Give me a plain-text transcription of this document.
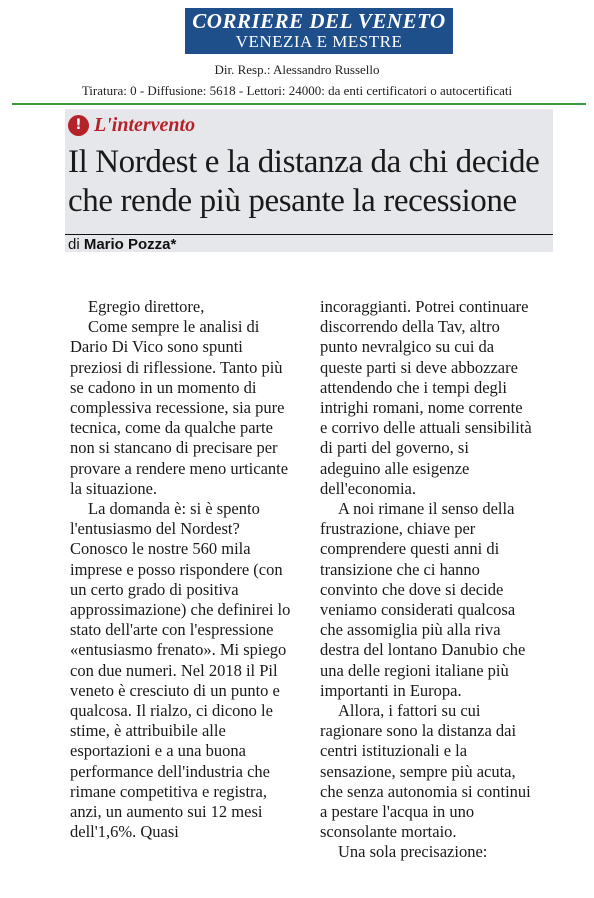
CORRIERE DEL VENETO
VENEZIA E MESTRE
Dir. Resp.: Alessandro Russello
Tiratura: 0 - Diffusione: 5618 - Lettori: 24000: da enti certificatori o autocertificati
! L'intervento
Il Nordest e la distanza da chi decide che rende più pesante la recessione
di Mario Pozza*

Egregio direttore,

Come sempre le analisi di Dario Di Vico sono spunti preziosi di riflessione. Tanto più se cadono in un momento di complessiva recessione, sia pure tecnica, come da qualche parte non si stancano di precisare per provare a rendere meno urticante la situazione.

La domanda è: si è spento l'entusiasmo del Nordest? Conosco le nostre 560 mila imprese e posso rispondere (con un certo grado di positiva approssimazione) che definirei lo stato dell'arte con l'espressione «entusiasmo frenato». Mi spiego con due numeri. Nel 2018 il Pil veneto è cresciuto di un punto e qualcosa. Il rialzo, ci dicono le stime, è attribuibile alle esportazioni e a una buona performance dell'industria che rimane competitiva e registra, anzi, un aumento sui 12 mesi dell'1,6%. Quasi

incoraggianti. Potrei continuare discorrendo della Tav, altro punto nevralgico su cui da queste parti si deve abbozzare attendendo che i tempi degli intrighi romani, nome corrente e corrivo delle attuali sensibilità di parti del governo, si adeguino alle esigenze dell'economia.

A noi rimane il senso della frustrazione, chiave per comprendere questi anni di transizione che ci hanno convinto che dove si decide veniamo considerati qualcosa che assomiglia più alla riva destra del lontano Danubio che una delle regioni italiane più importanti in Europa.

Allora, i fattori su cui ragionare sono la distanza dai centri istituzionali e la sensazione, sempre più acuta, che senza autonomia si continui a pestare l'acqua in uno sconsolante mortaio.

Una sola precisazione:
